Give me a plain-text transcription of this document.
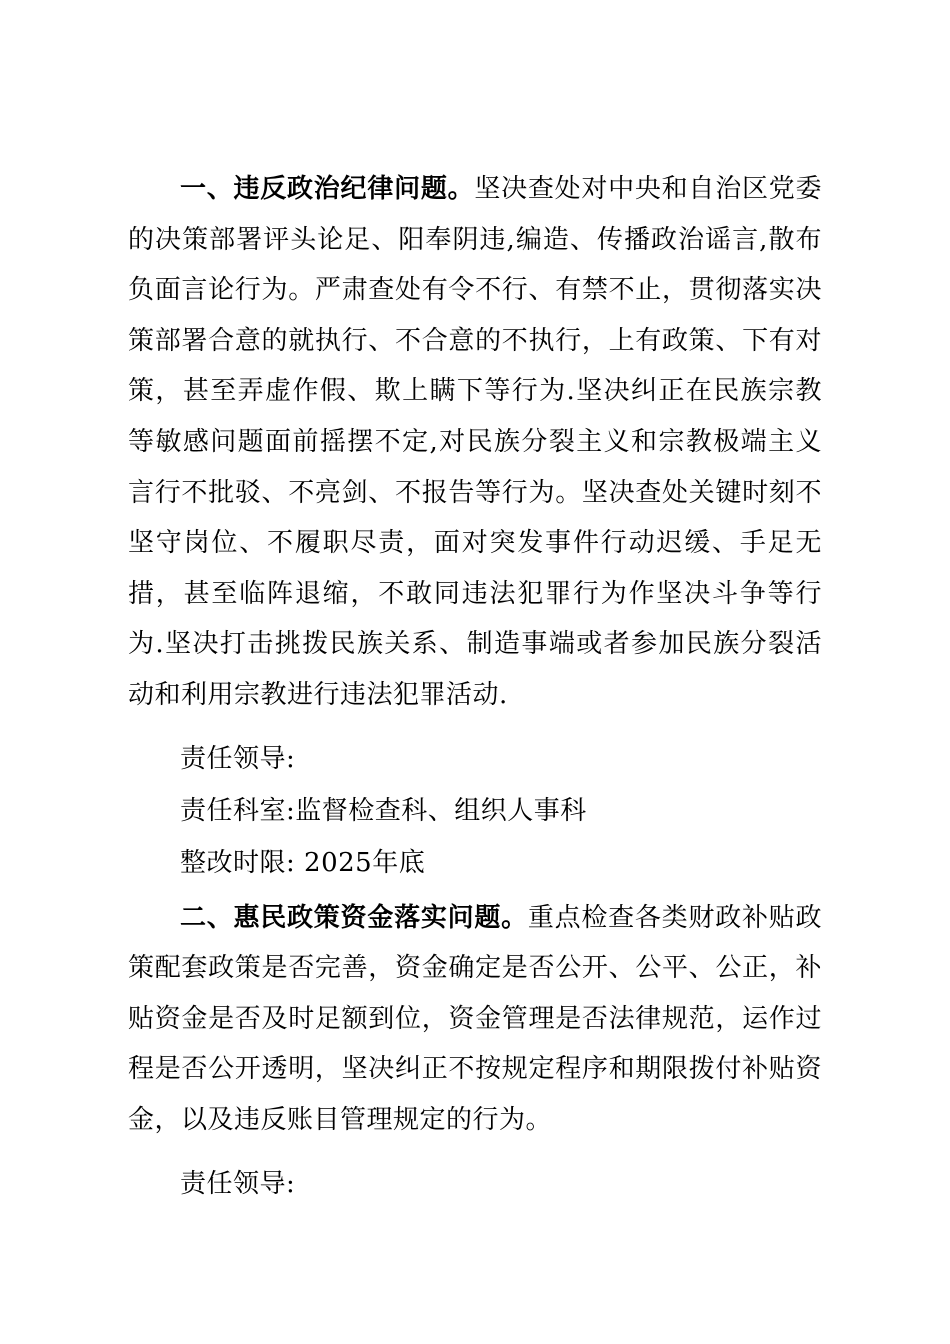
一、违反政治纪律问题。坚决查处对中央和自治区党委的决策部署评头论足、阳奉阴违,编造、传播政治谣言,散布负面言论行为。严肃查处有令不行、有禁不止，贯彻落实决策部署合意的就执行、不合意的不执行，上有政策、下有对策，甚至弄虚作假、欺上瞒下等行为.坚决纠正在民族宗教等敏感问题面前摇摆不定,对民族分裂主义和宗教极端主义言行不批驳、不亮剑、不报告等行为。坚决查处关键时刻不坚守岗位、不履职尽责，面对突发事件行动迟缓、手足无措，甚至临阵退缩，不敢同违法犯罪行为作坚决斗争等行为.坚决打击挑拨民族关系、制造事端或者参加民族分裂活动和利用宗教进行违法犯罪活动.

责任领导:

责任科室:监督检查科、组织人事科

整改时限: 2025年底

二、惠民政策资金落实问题。重点检查各类财政补贴政策配套政策是否完善，资金确定是否公开、公平、公正，补贴资金是否及时足额到位，资金管理是否法律规范，运作过程是否公开透明，坚决纠正不按规定程序和期限拨付补贴资金，以及违反账目管理规定的行为。

责任领导:
